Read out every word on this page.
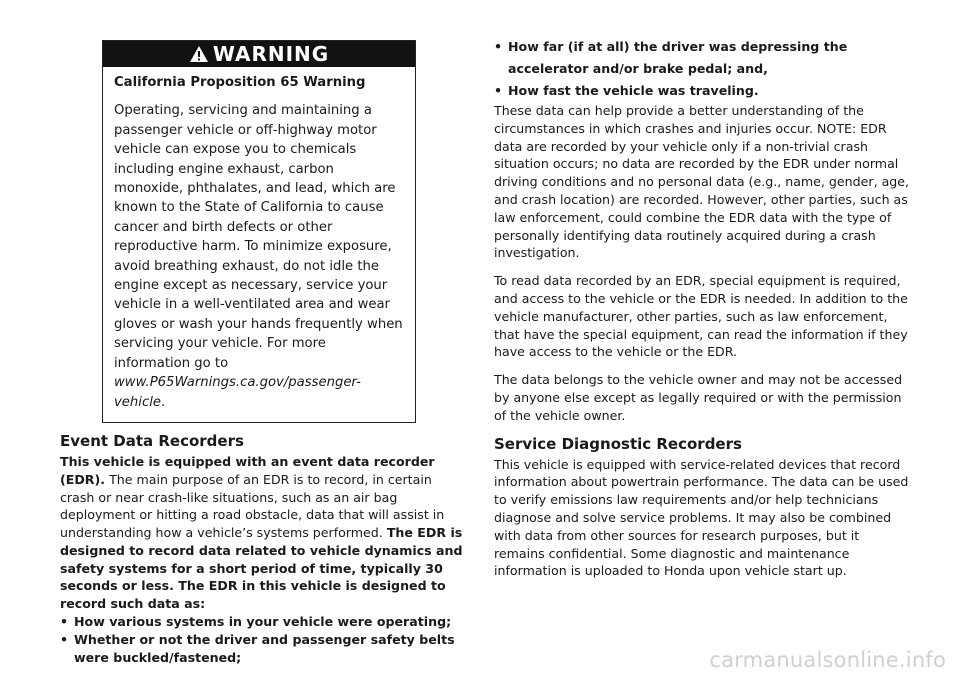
WARNING
California Proposition 65 Warning
Operating, servicing and maintaining a passenger vehicle or off-highway motor vehicle can expose you to chemicals including engine exhaust, carbon monoxide, phthalates, and lead, which are known to the State of California to cause cancer and birth defects or other reproductive harm. To minimize exposure, avoid breathing exhaust, do not idle the engine except as necessary, service your vehicle in a well-ventilated area and wear gloves or wash your hands frequently when servicing your vehicle. For more information go to www.P65Warnings.ca.gov/passenger-vehicle.
Event Data Recorders
This vehicle is equipped with an event data recorder (EDR). The main purpose of an EDR is to record, in certain crash or near crash-like situations, such as an air bag deployment or hitting a road obstacle, data that will assist in understanding how a vehicle’s systems performed. The EDR is designed to record data related to vehicle dynamics and safety systems for a short period of time, typically 30 seconds or less. The EDR in this vehicle is designed to record such data as:
• How various systems in your vehicle were operating;
• Whether or not the driver and passenger safety belts were buckled/fastened;
• How far (if at all) the driver was depressing the accelerator and/or brake pedal; and,
• How fast the vehicle was traveling.

These data can help provide a better understanding of the circumstances in which crashes and injuries occur. NOTE: EDR data are recorded by your vehicle only if a non-trivial crash situation occurs; no data are recorded by the EDR under normal driving conditions and no personal data (e.g., name, gender, age, and crash location) are recorded. However, other parties, such as law enforcement, could combine the EDR data with the type of personally identifying data routinely acquired during a crash investigation.

To read data recorded by an EDR, special equipment is required, and access to the vehicle or the EDR is needed. In addition to the vehicle manufacturer, other parties, such as law enforcement, that have the special equipment, can read the information if they have access to the vehicle or the EDR.

The data belongs to the vehicle owner and may not be accessed by anyone else except as legally required or with the permission of the vehicle owner.

Service Diagnostic Recorders

This vehicle is equipped with service-related devices that record information about powertrain performance. The data can be used to verify emissions law requirements and/or help technicians diagnose and solve service problems. It may also be combined with data from other sources for research purposes, but it remains confidential. Some diagnostic and maintenance information is uploaded to Honda upon vehicle start up.

carmanualsonline.info
